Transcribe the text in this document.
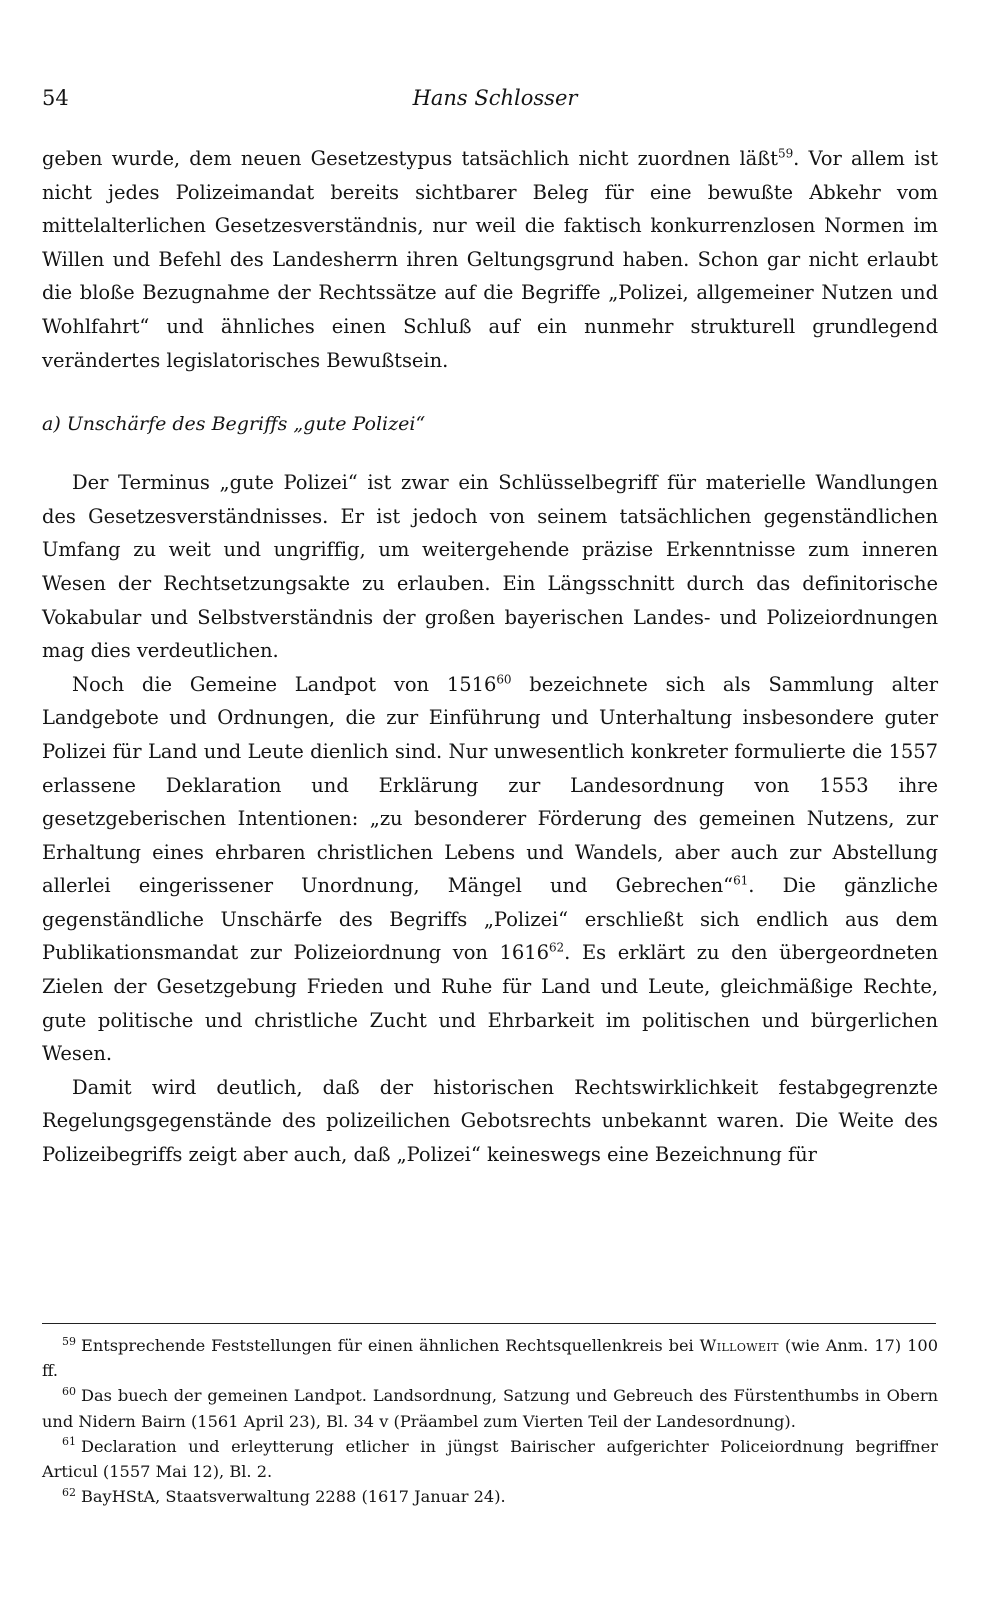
54	Hans Schlosser

geben wurde, dem neuen Gesetzestypus tatsächlich nicht zuordnen läßt$^{59}$. Vor allem ist nicht jedes Polizeimandat bereits sichtbarer Beleg für eine bewußte Abkehr vom mittelalterlichen Gesetzesverständnis, nur weil die faktisch konkurrenzlosen Normen im Willen und Befehl des Landesherrn ihren Geltungsgrund haben. Schon gar nicht erlaubt die bloße Bezugnahme der Rechtssätze auf die Begriffe „Polizei, allgemeiner Nutzen und Wohlfahrt“ und ähnliches einen Schluß auf ein nunmehr strukturell grundlegend verändertes legislatorisches Bewußtsein.

a) Unschärfe des Begriffs „gute Polizei“

Der Terminus „gute Polizei“ ist zwar ein Schlüsselbegriff für materielle Wandlungen des Gesetzesverständnisses. Er ist jedoch von seinem tatsächlichen gegenständlichen Umfang zu weit und ungriffig, um weitergehende präzise Erkenntnisse zum inneren Wesen der Rechtsetzungsakte zu erlauben. Ein Längsschnitt durch das definitorische Vokabular und Selbstverständnis der großen bayerischen Landes- und Polizeiordnungen mag dies verdeutlichen.

Noch die Gemeine Landpot von 1516$^{60}$ bezeichnete sich als Sammlung alter Landgebote und Ordnungen, die zur Einführung und Unterhaltung insbesondere guter Polizei für Land und Leute dienlich sind. Nur unwesentlich konkreter formulierte die 1557 erlassene Deklaration und Erklärung zur Landesordnung von 1553 ihre gesetzgeberischen Intentionen: „zu besonderer Förderung des gemeinen Nutzens, zur Erhaltung eines ehrbaren christlichen Lebens und Wandels, aber auch zur Abstellung allerlei eingerissener Unordnung, Mängel und Gebrechen“$^{61}$. Die gänzliche gegenständliche Unschärfe des Begriffs „Polizei“ erschließt sich endlich aus dem Publikationsmandat zur Polizeiordnung von 1616$^{62}$. Es erklärt zu den übergeordneten Zielen der Gesetzgebung Frieden und Ruhe für Land und Leute, gleichmäßige Rechte, gute politische und christliche Zucht und Ehrbarkeit im politischen und bürgerlichen Wesen.

Damit wird deutlich, daß der historischen Rechtswirklichkeit festabgegrenzte Regelungsgegenstände des polizeilichen Gebotsrechts unbekannt waren. Die Weite des Polizeibegriffs zeigt aber auch, daß „Polizei“ keineswegs eine Bezeichnung für

$^{59}$ Entsprechende Feststellungen für einen ähnlichen Rechtsquellenkreis bei Willoweit (wie Anm. 17) 100 ff.

$^{60}$ Das buech der gemeinen Landpot. Landsordnung, Satzung und Gebreuch des Fürstenthumbs in Obern und Nidern Bairn (1561 April 23), Bl. 34 v (Präambel zum Vierten Teil der Landesordnung).

$^{61}$ Declaration und erleytterung etlicher in jüngst Bairischer aufgerichter Policeiordnung begriffner Articul (1557 Mai 12), Bl. 2.

$^{62}$ BayHStA, Staatsverwaltung 2288 (1617 Januar 24).
